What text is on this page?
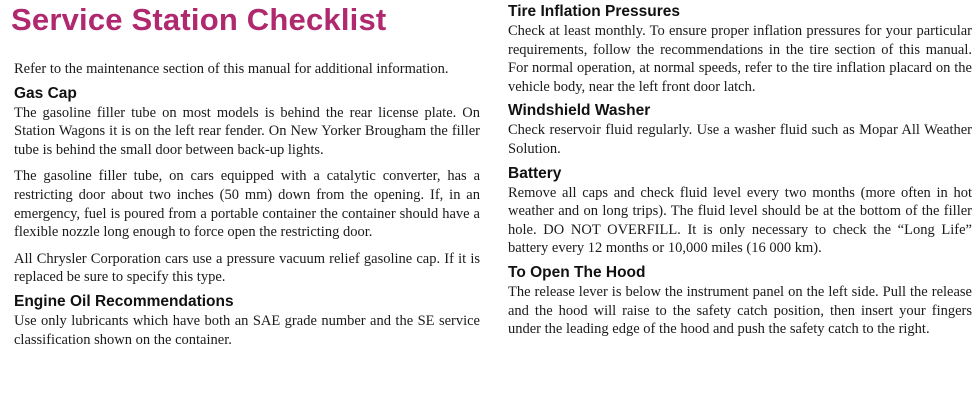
Service Station Checklist

Refer to the maintenance section of this manual for additional information.

Gas Cap

The gasoline filler tube on most models is behind the rear license plate. On Station Wagons it is on the left rear fender. On New Yorker Brougham the filler tube is behind the small door between back-up lights.

The gasoline filler tube, on cars equipped with a catalytic converter, has a restricting door about two inches (50 mm) down from the opening. If, in an emergency, fuel is poured from a portable container the container should have a flexible nozzle long enough to force open the restricting door.

All Chrysler Corporation cars use a pressure vacuum relief gasoline cap. If it is replaced be sure to specify this type.

Engine Oil Recommendations

Use only lubricants which have both an SAE grade number and the SE service classification shown on the container.

Tire Inflation Pressures

Check at least monthly. To ensure proper inflation pressures for your particular requirements, follow the recommendations in the tire section of this manual. For normal operation, at normal speeds, refer to the tire inflation placard on the vehicle body, near the left front door latch.

Windshield Washer

Check reservoir fluid regularly. Use a washer fluid such as Mopar All Weather Solution.

Battery

Remove all caps and check fluid level every two months (more often in hot weather and on long trips). The fluid level should be at the bottom of the filler hole. DO NOT OVERFILL. It is only necessary to check the “Long Life” battery every 12 months or 10,000 miles (16 000 km).

To Open The Hood

The release lever is below the instrument panel on the left side. Pull the release and the hood will raise to the safety catch position, then insert your fingers under the leading edge of the hood and push the safety catch to the right.
